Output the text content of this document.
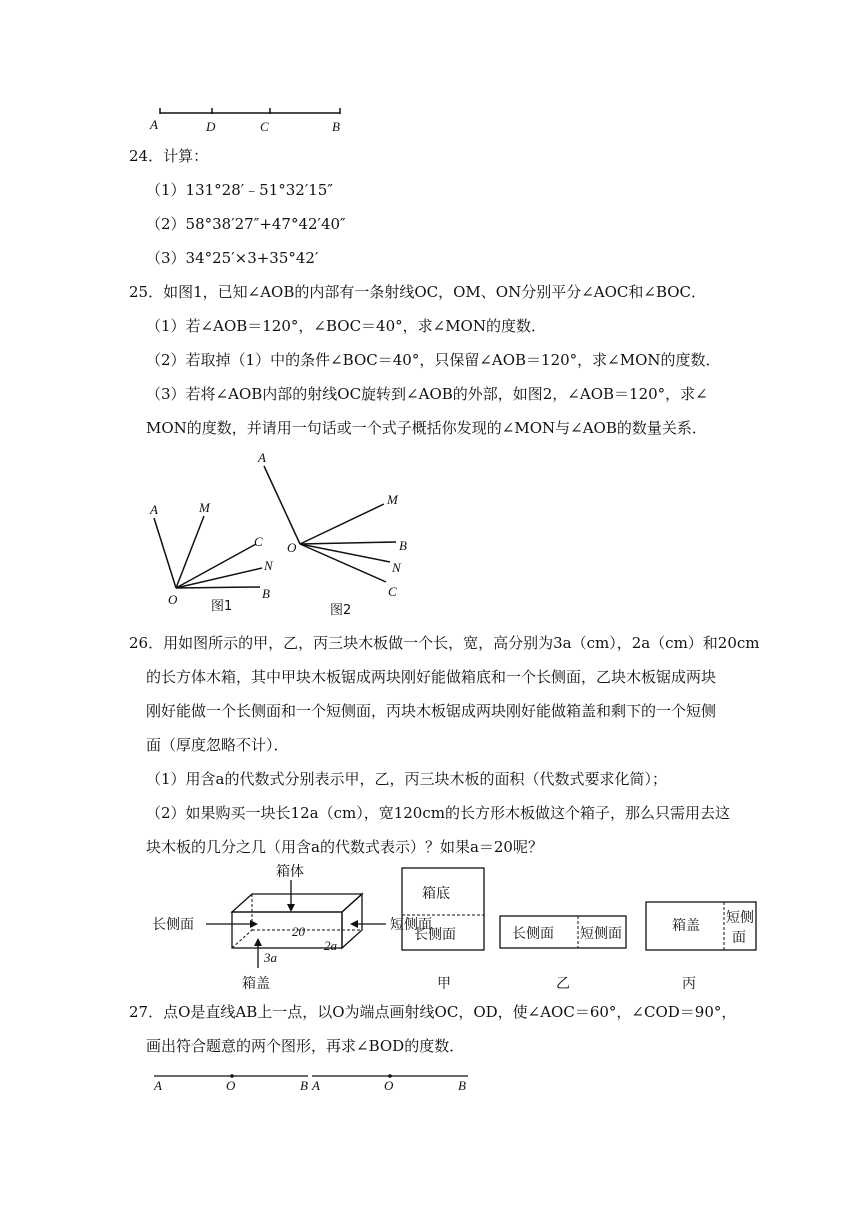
A	D	C	B
24．计算：
（1）131°28′﹣51°32′15″
（2）58°38′27″+47°42′40″
（3）34°25′×3+35°42′
25．如图1，已知∠AOB的内部有一条射线OC，OM、ON分别平分∠AOC和∠BOC．
（1）若∠AOB＝120°，∠BOC＝40°，求∠MON的度数．
（2）若取掉（1）中的条件∠BOC＝40°，只保留∠AOB＝120°，求∠MON的度数．
（3）若将∠AOB内部的射线OC旋转到∠AOB的外部，如图2，∠AOB＝120°，求∠
MON的度数，并请用一句话或一个式子概括你发现的∠MON与∠AOB的数量关系．
A	M
C
N
O	B
图1
A
M
B
O
N
C
图2
26．用如图所示的甲，乙，丙三块木板做一个长，宽，高分别为3a（cm），2a（cm）和20cm
的长方体木箱，其中甲块木板锯成两块刚好能做箱底和一个长侧面，乙块木板锯成两块
刚好能做一个长侧面和一个短侧面，丙块木板锯成两块刚好能做箱盖和剩下的一个短侧
面（厚度忽略不计）．
（1）用含a的代数式分别表示甲，乙，丙三块木板的面积（代数式要求化简）；
（2）如果购买一块长12a（cm），宽120cm的长方形木板做这个箱子，那么只需用去这
块木板的几分之几（用含a的代数式表示）？如果a＝20呢？
箱体
长侧面	短侧面
箱盖
20
2a
3a
箱底
长侧面
甲
长侧面 短侧面
乙
箱盖 短侧
面
丙
27．点O是直线AB上一点，以O为端点画射线OC，OD，使∠AOC＝60°，∠COD＝90°，
画出符合题意的两个图形，再求∠BOD的度数．
A	O	B A	O	B
